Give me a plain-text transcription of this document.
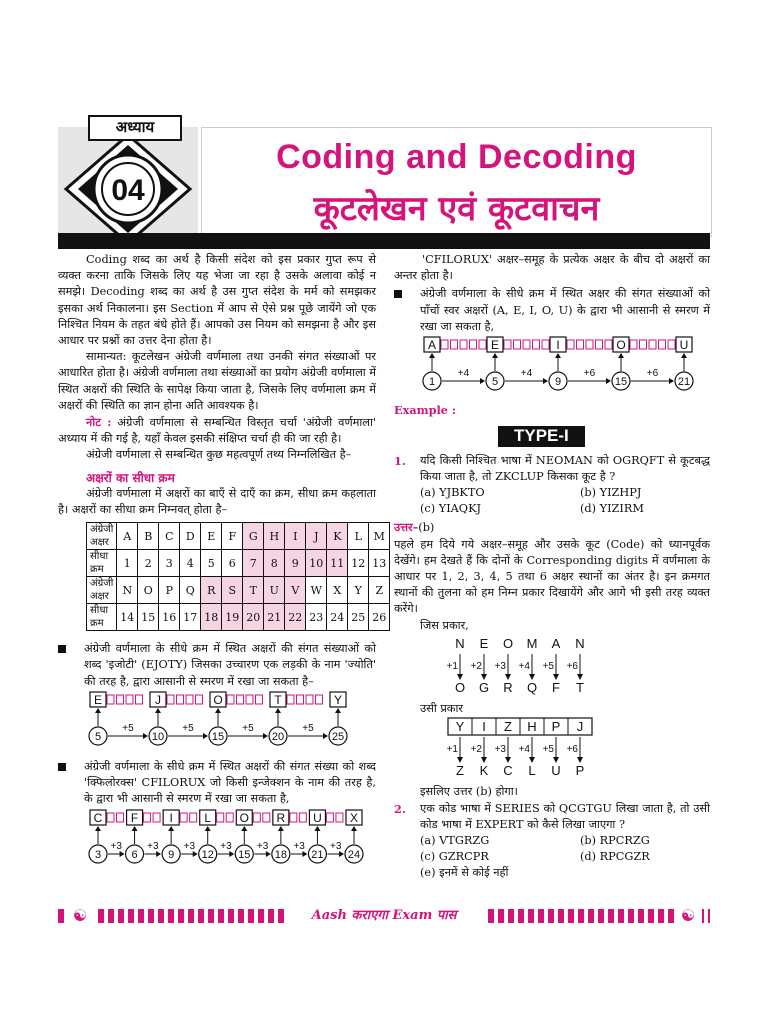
04
अध्याय
Coding and Decoding
कूटलेखन एवं कूटवाचन

Coding शब्द का अर्थ है किसी संदेश को इस प्रकार गुप्त रूप से व्यक्त करना ताकि जिसके लिए यह भेजा जा रहा है उसके अलावा कोई न समझे। Decoding शब्द का अर्थ है उस गुप्त संदेश के मर्म को समझकर इसका अर्थ निकालना। इस Section में आप से ऐसे प्रश्न पूछे जायेंगे जो एक निश्चित नियम के तहत बंधे होते हैं। आपको उस नियम को समझना है और इस आधार पर प्रश्नों का उत्तर देना होता है।

सामान्यत: कूटलेखन अंग्रेजी वर्णमाला तथा उनकी संगत संख्याओं पर आधारित होता है। अंग्रेजी वर्णमाला तथा संख्याओं का प्रयोग अंग्रेजी वर्णमाला में स्थित अक्षरों की स्थिति के सापेक्ष किया जाता है, जिसके लिए वर्णमाला क्रम में अक्षरों की स्थिति का ज्ञान होना अति आवश्यक है।

नोट : अंग्रेजी वर्णमाला से सम्बन्धित विस्तृत चर्चा 'अंग्रेजी वर्णमाला' अध्याय में की गई है, यहाँ केवल इसकी संक्षिप्त चर्चा ही की जा रही है।

अंग्रेजी वर्णमाला से सम्बन्धित कुछ महत्वपूर्ण तथ्य निम्नलिखित है–

अक्षरों का सीधा क्रम

अंग्रेजी वर्णमाला में अक्षरों का बाएँ से दाएँ का क्रम, सीधा क्रम कहलाता है। अक्षरों का सीधा क्रम निम्नवत् होता है–

अंग्रेजी अक्षर	A	B	C	D	E	F	G	H	I	J	K	L	M
सीधा क्रम	1	2	3	4	5	6	7	8	9	10	11	12	13
अंग्रेजी अक्षर	N	O	P	Q	R	S	T	U	V	W	X	Y	Z
सीधा क्रम	14	15	16	17	18	19	20	21	22	23	24	25	26

अंग्रेजी वर्णमाला के सीधे क्रम में स्थित अक्षरों की संगत संख्याओं को शब्द 'इजोटी' (EJOTY) जिसका उच्चारण एक लड़की के नाम 'ज्योति' की तरह है, द्वारा आसानी से स्मरण में रखा जा सकता है–

E
5
J
10
O
15
T
20
Y
25
+5	+5	+5	+5

अंग्रेजी वर्णमाला के सीधे क्रम में स्थित अक्षरों की संगत संख्या को शब्द 'क्फिलोरक्स' CFILORUX जो किसी इन्जेक्शन के नाम की तरह है, के द्वारा भी आसानी से स्मरण में रखा जा सकता है,

C
3
F
6
I
9
L
12
O
15
R
18
U
21
X
24
+3	+3	+3	+3	+3	+3	+3

'CFILORUX' अक्षर–समूह के प्रत्येक अक्षर के बीच दो अक्षरों का अन्तर होता है।

अंग्रेजी वर्णमाला के सीधे क्रम में स्थित अक्षर की संगत संख्याओं को पाँचों स्वर अक्षरों (A, E, I, O, U) के द्वारा भी आसानी से स्मरण में रखा जा सकता है,

A
1
E
5
I
9
O
15
U
21
+4	+4	+6	+6

Example :

TYPE-I
1. यदि किसी निश्चित भाषा में NEOMAN को OGRQFT से कूटबद्ध किया जाता है, तो ZKCLUP किसका कूट है ?

(a) YJBKTO	(b) YIZHPJ
(c) YIAQKJ	(d) YIZIRM

उत्तर–(b)

पहले हम दिये गये अक्षर–समूह और उसके कूट (Code) को ध्यानपूर्वक देखेंगे। हम देखते हैं कि दोनों के Corresponding digits में वर्णमाला के आधार पर 1, 2, 3, 4, 5 तथा 6 अक्षर स्थानों का अंतर है। इन क्रमगत स्थानों की तुलना को हम निम्न प्रकार दिखायेंगे और आगे भी इसी तरह व्यक्त करेंगे।

जिस प्रकार,

N
+1
O
E
+2
G
O
+3
R
M
+4
Q
A
+5
F
N
+6
T

उसी प्रकार

Y
+1
Z
I
+2
K
Z
+3
C
H
+4
L
P
+5
U
J
+6
P

इसलिए उत्तर (b) होगा।

2. एक कोड भाषा में SERIES को QCGTGU लिखा जाता है, तो उसी कोड भाषा में EXPERT को कैसे लिखा जाएगा ?

(a) VTGRZG	(b) RPCRZG
(c) GZRCPR	(d) RPCGZR

(e) इनमें से कोई नहीं

☯	Aash कराएगा Exam पास	☯
